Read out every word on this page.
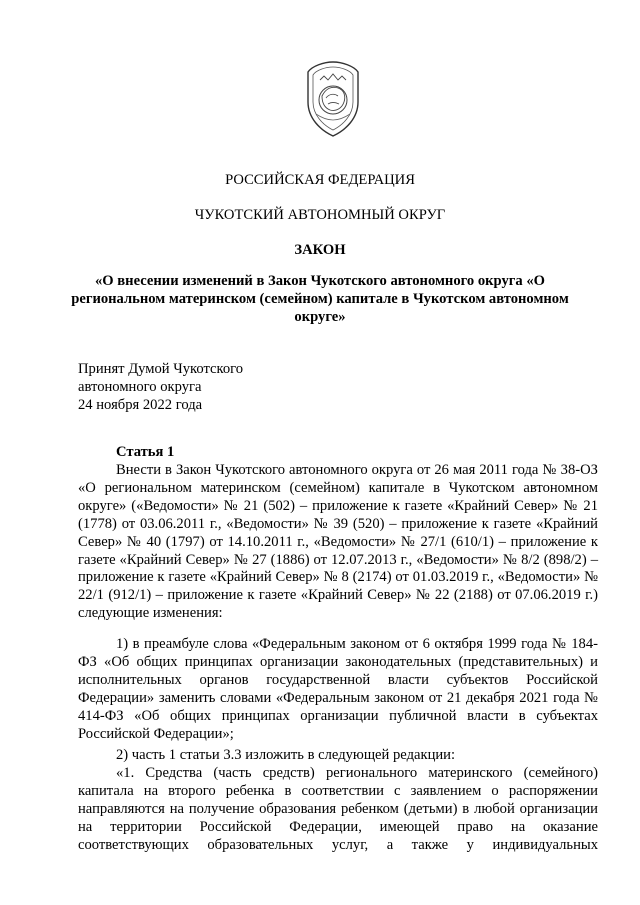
РОССИЙСКАЯ ФЕДЕРАЦИЯ
ЧУКОТСКИЙ АВТОНОМНЫЙ ОКРУГ
ЗАКОН
«О внесении изменений в Закон Чукотского автономного округа «О региональном материнском (семейном) капитале в Чукотском автономном округе»
Принят Думой Чукотского
автономного округа
24 ноября 2022 года
Статья 1
Внести в Закон Чукотского автономного округа от 26 мая 2011 года № 38-ОЗ «О региональном материнском (семейном) капитале в Чукотском автономном округе» («Ведомости» № 21 (502) – приложение к газете «Крайний Север» № 21 (1778) от 03.06.2011 г., «Ведомости» № 39 (520) – приложение к газете «Крайний Север» № 40 (1797) от 14.10.2011 г., «Ведомости» № 27/1 (610/1) – приложение к газете «Крайний Север» № 27 (1886) от 12.07.2013 г., «Ведомости» № 8/2 (898/2) – приложение к газете «Крайний Север» № 8 (2174) от 01.03.2019 г., «Ведомости» № 22/1 (912/1) – приложение к газете «Крайний Север» № 22 (2188) от 07.06.2019 г.) следующие изменения:
1) в преамбуле слова «Федеральным законом от 6 октября 1999 года № 184-ФЗ «Об общих принципах организации законодательных (представительных) и исполнительных органов государственной власти субъектов Российской Федерации» заменить словами «Федеральным законом от 21 декабря 2021 года № 414-ФЗ «Об общих принципах организации публичной власти в субъектах Российской Федерации»;
2) часть 1 статьи 3.3 изложить в следующей редакции:
«1. Средства (часть средств) регионального материнского (семейного) капитала на второго ребенка в соответствии с заявлением о распоряжении направляются на получение образования ребенком (детьми) в любой организации на территории Российской Федерации, имеющей право на оказание соответствующих образовательных услуг, а также у индивидуальных
